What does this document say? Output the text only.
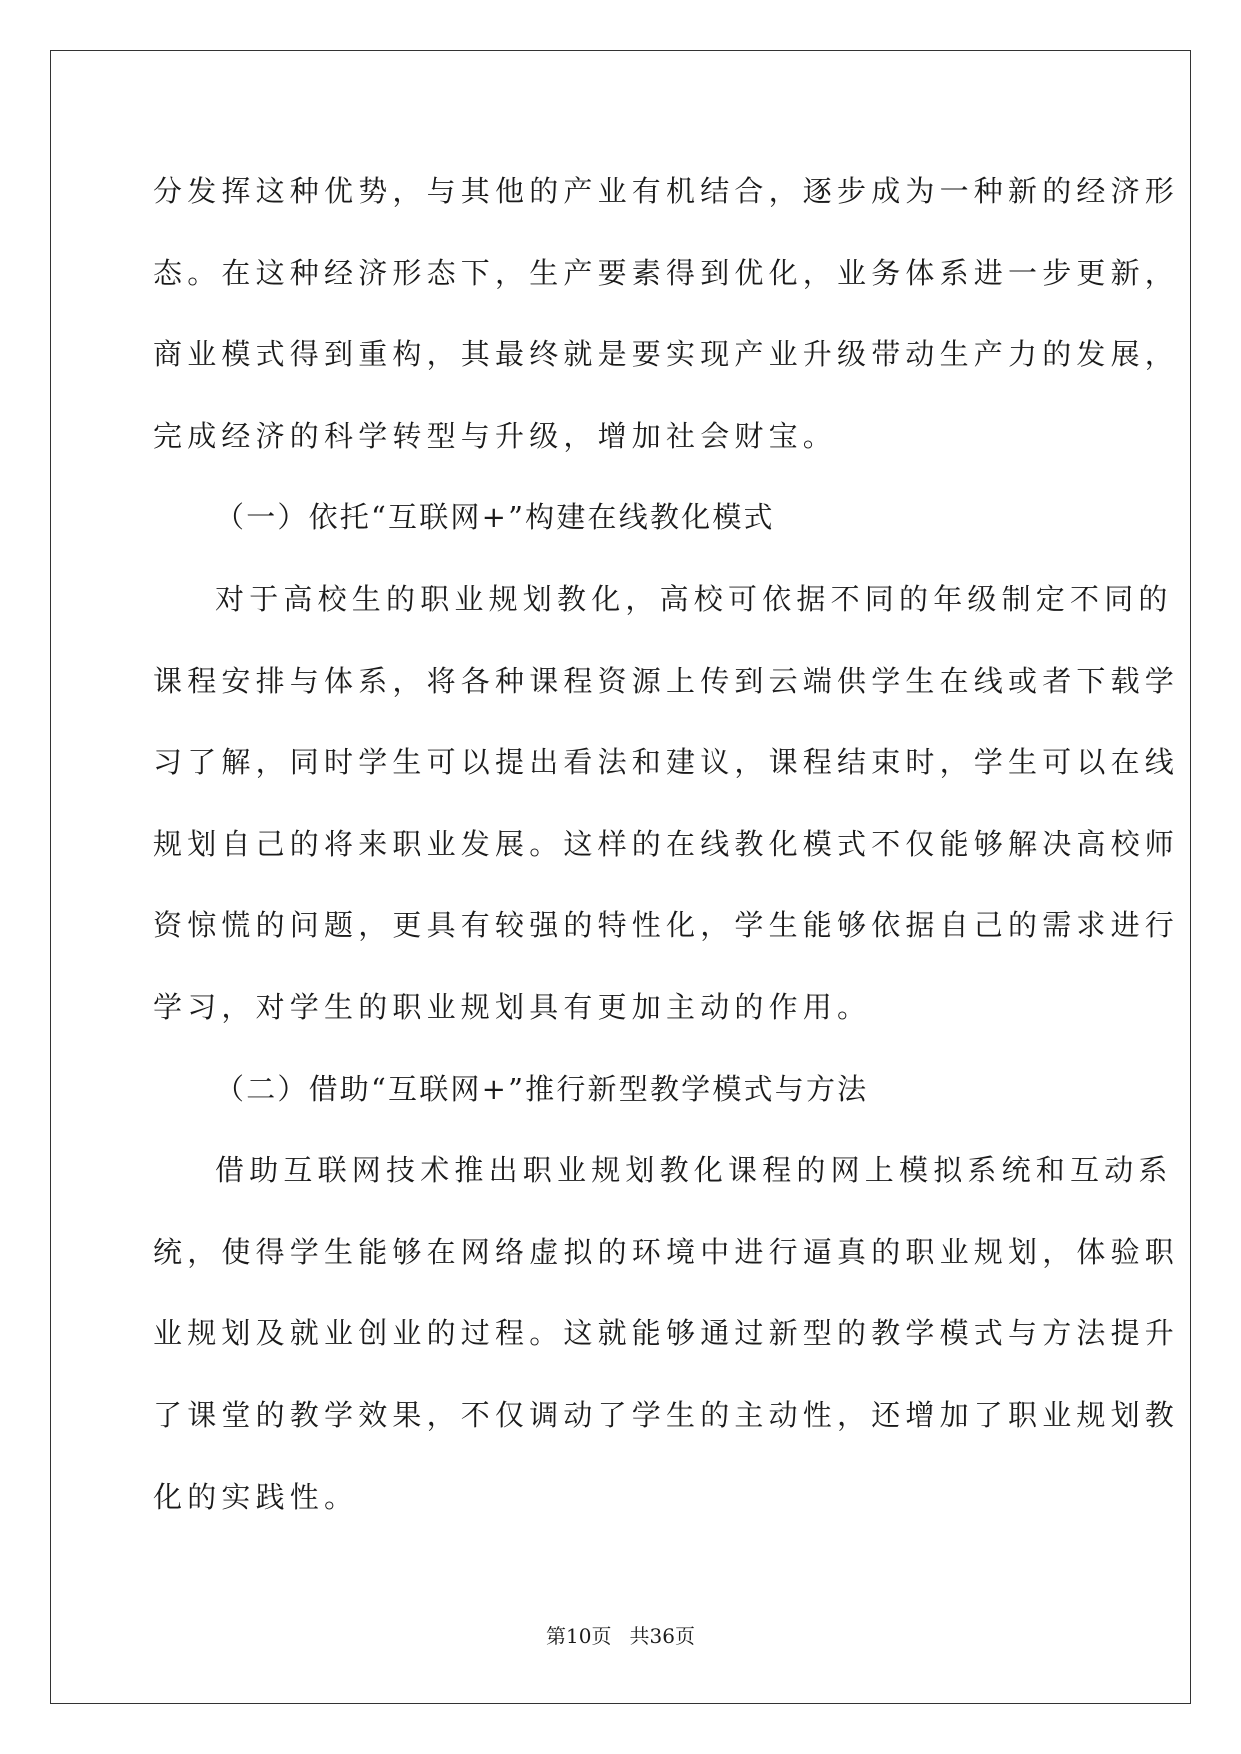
分发挥这种优势，与其他的产业有机结合，逐步成为一种新的经济形
态。在这种经济形态下，生产要素得到优化，业务体系进一步更新，
商业模式得到重构，其最终就是要实现产业升级带动生产力的发展，
完成经济的科学转型与升级，增加社会财宝。
（一）依托“互联网+”构建在线教化模式
对于高校生的职业规划教化，高校可依据不同的年级制定不同的
课程安排与体系，将各种课程资源上传到云端供学生在线或者下载学
习了解，同时学生可以提出看法和建议，课程结束时，学生可以在线
规划自己的将来职业发展。这样的在线教化模式不仅能够解决高校师
资惊慌的问题，更具有较强的特性化，学生能够依据自己的需求进行
学习，对学生的职业规划具有更加主动的作用。
（二）借助“互联网+”推行新型教学模式与方法
借助互联网技术推出职业规划教化课程的网上模拟系统和互动系
统，使得学生能够在网络虚拟的环境中进行逼真的职业规划，体验职
业规划及就业创业的过程。这就能够通过新型的教学模式与方法提升
了课堂的教学效果，不仅调动了学生的主动性，还增加了职业规划教
化的实践性。
第10页 共36页
